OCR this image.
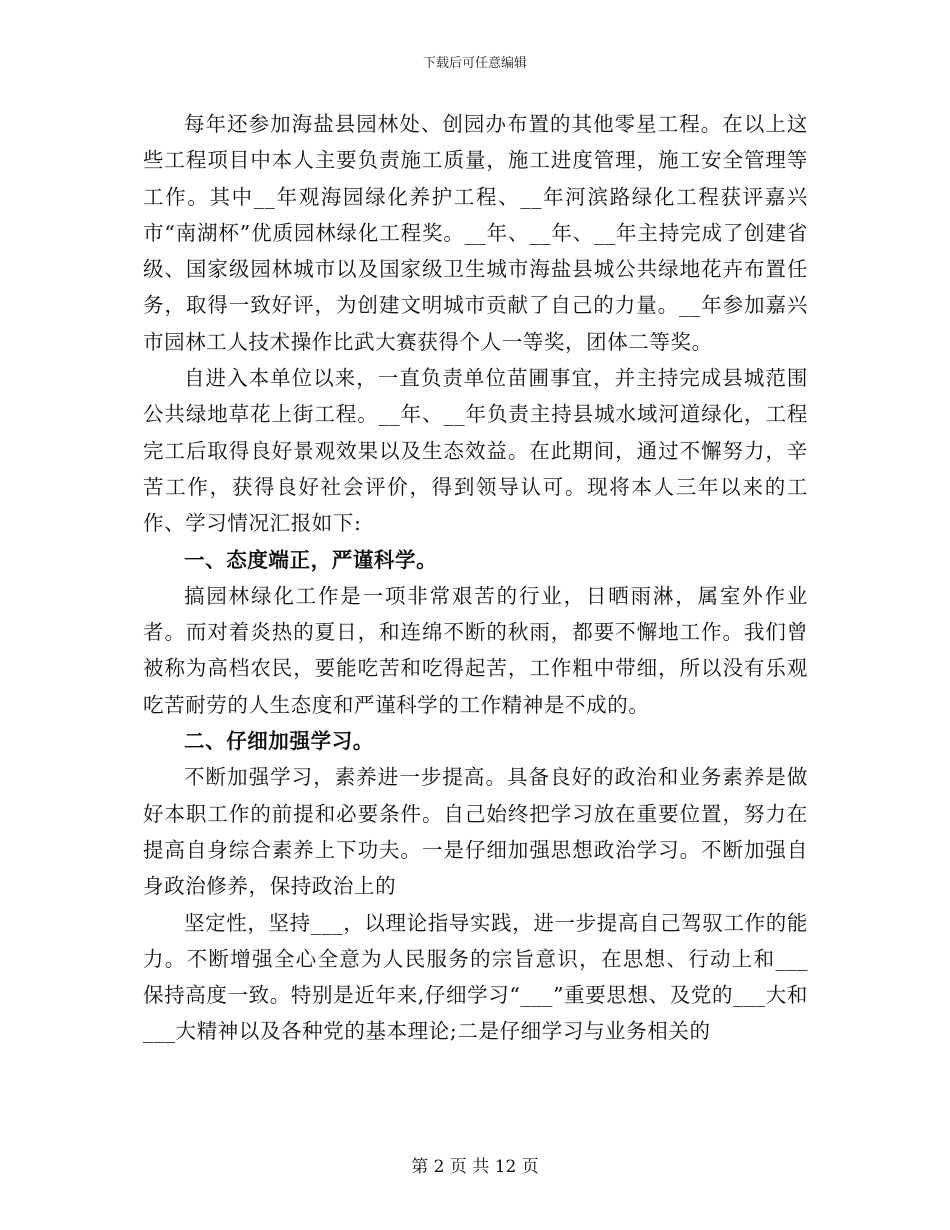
下载后可任意编辑

每年还参加海盐县园林处、创园办布置的其他零星工程。在以上这些工程项目中本人主要负责施工质量，施工进度管理，施工安全管理等工作。其中__年观海园绿化养护工程、__年河滨路绿化工程获评嘉兴市“南湖杯”优质园林绿化工程奖。__年、__年、__年主持完成了创建省级、国家级园林城市以及国家级卫生城市海盐县城公共绿地花卉布置任务，取得一致好评，为创建文明城市贡献了自己的力量。__年参加嘉兴市园林工人技术操作比武大赛获得个人一等奖，团体二等奖。

自进入本单位以来，一直负责单位苗圃事宜，并主持完成县城范围公共绿地草花上街工程。__年、__年负责主持县城水域河道绿化，工程完工后取得良好景观效果以及生态效益。在此期间，通过不懈努力，辛苦工作，获得良好社会评价，得到领导认可。现将本人三年以来的工作、学习情况汇报如下:

一、态度端正，严谨科学。

搞园林绿化工作是一项非常艰苦的行业，日晒雨淋，属室外作业者。而对着炎热的夏日，和连绵不断的秋雨，都要不懈地工作。我们曾被称为高档农民，要能吃苦和吃得起苦，工作粗中带细，所以没有乐观吃苦耐劳的人生态度和严谨科学的工作精神是不成的。

二、仔细加强学习。

不断加强学习，素养进一步提高。具备良好的政治和业务素养是做好本职工作的前提和必要条件。自己始终把学习放在重要位置，努力在提高自身综合素养上下功夫。一是仔细加强思想政治学习。不断加强自身政治修养，保持政治上的

坚定性，坚持___，以理论指导实践，进一步提高自己驾驭工作的能力。不断增强全心全意为人民服务的宗旨意识，在思想、行动上和___保持高度一致。特别是近年来,仔细学习“___”重要思想、及党的___大和___大精神以及各种党的基本理论;二是仔细学习与业务相关的

第 2 页 共 12 页
